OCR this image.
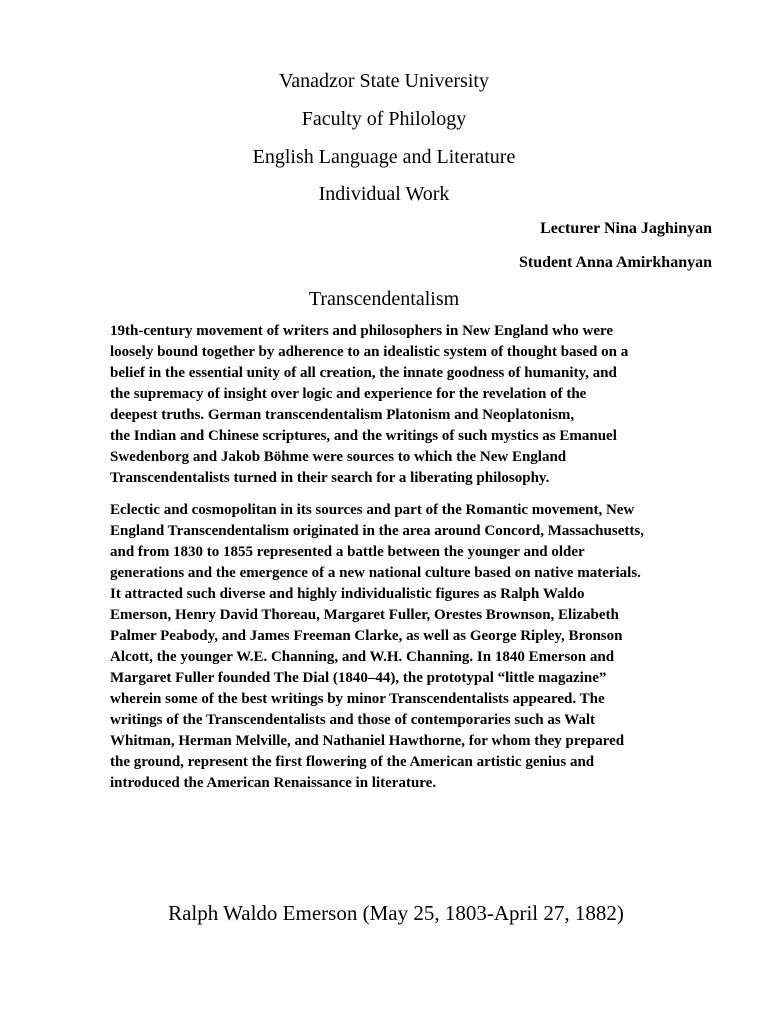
Vanadzor State University
Faculty of Philology
English Language and Literature
Individual Work
Lecturer Nina Jaghinyan
Student Anna Amirkhanyan
Transcendentalism
19th-century movement of writers and philosophers in New England who were
loosely bound together by adherence to an idealistic system of thought based on a
belief in the essential unity of all creation, the innate goodness of humanity, and
the supremacy of insight over logic and experience for the revelation of the
deepest truths. German transcendentalism Platonism and Neoplatonism,
the Indian and Chinese scriptures, and the writings of such mystics as Emanuel
Swedenborg and Jakob Böhme were sources to which the New England
Transcendentalists turned in their search for a liberating philosophy.
Eclectic and cosmopolitan in its sources and part of the Romantic movement, New
England Transcendentalism originated in the area around Concord, Massachusetts,
and from 1830 to 1855 represented a battle between the younger and older
generations and the emergence of a new national culture based on native materials.
It attracted such diverse and highly individualistic figures as Ralph Waldo
Emerson, Henry David Thoreau, Margaret Fuller, Orestes Brownson, Elizabeth
Palmer Peabody, and James Freeman Clarke, as well as George Ripley, Bronson
Alcott, the younger W.E. Channing, and W.H. Channing. In 1840 Emerson and
Margaret Fuller founded The Dial (1840–44), the prototypal “little magazine”
wherein some of the best writings by minor Transcendentalists appeared. The
writings of the Transcendentalists and those of contemporaries such as Walt
Whitman, Herman Melville, and Nathaniel Hawthorne, for whom they prepared
the ground, represent the first flowering of the American artistic genius and
introduced the American Renaissance in literature.
Ralph Waldo Emerson (May 25, 1803-April 27, 1882)
